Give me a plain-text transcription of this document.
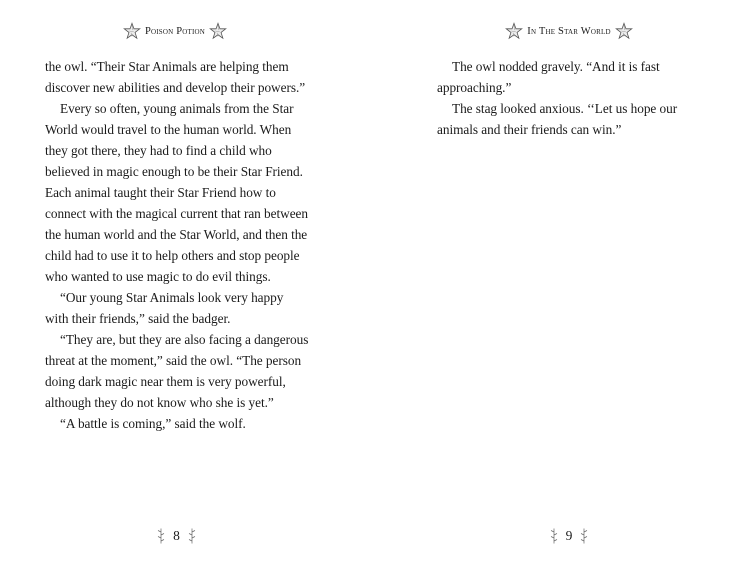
Poison Potion

the owl. “Their Star Animals are helping them discover new abilities and develop their powers.”

Every so often, young animals from the Star World would travel to the human world. When they got there, they had to find a child who believed in magic enough to be their Star Friend. Each animal taught their Star Friend how to connect with the magical current that ran between the human world and the Star World, and then the child had to use it to help others and stop people who wanted to use magic to do evil things.

“Our young Star Animals look very happy with their friends,” said the badger.

“They are, but they are also facing a dangerous threat at the moment,” said the owl. “The person doing dark magic near them is very powerful, although they do not know who she is yet.”

“A battle is coming,” said the wolf.

8
In The Star World

The owl nodded gravely. “And it is fast approaching.”

The stag looked anxious. ‘‘Let us hope our animals and their friends can win.”

9
